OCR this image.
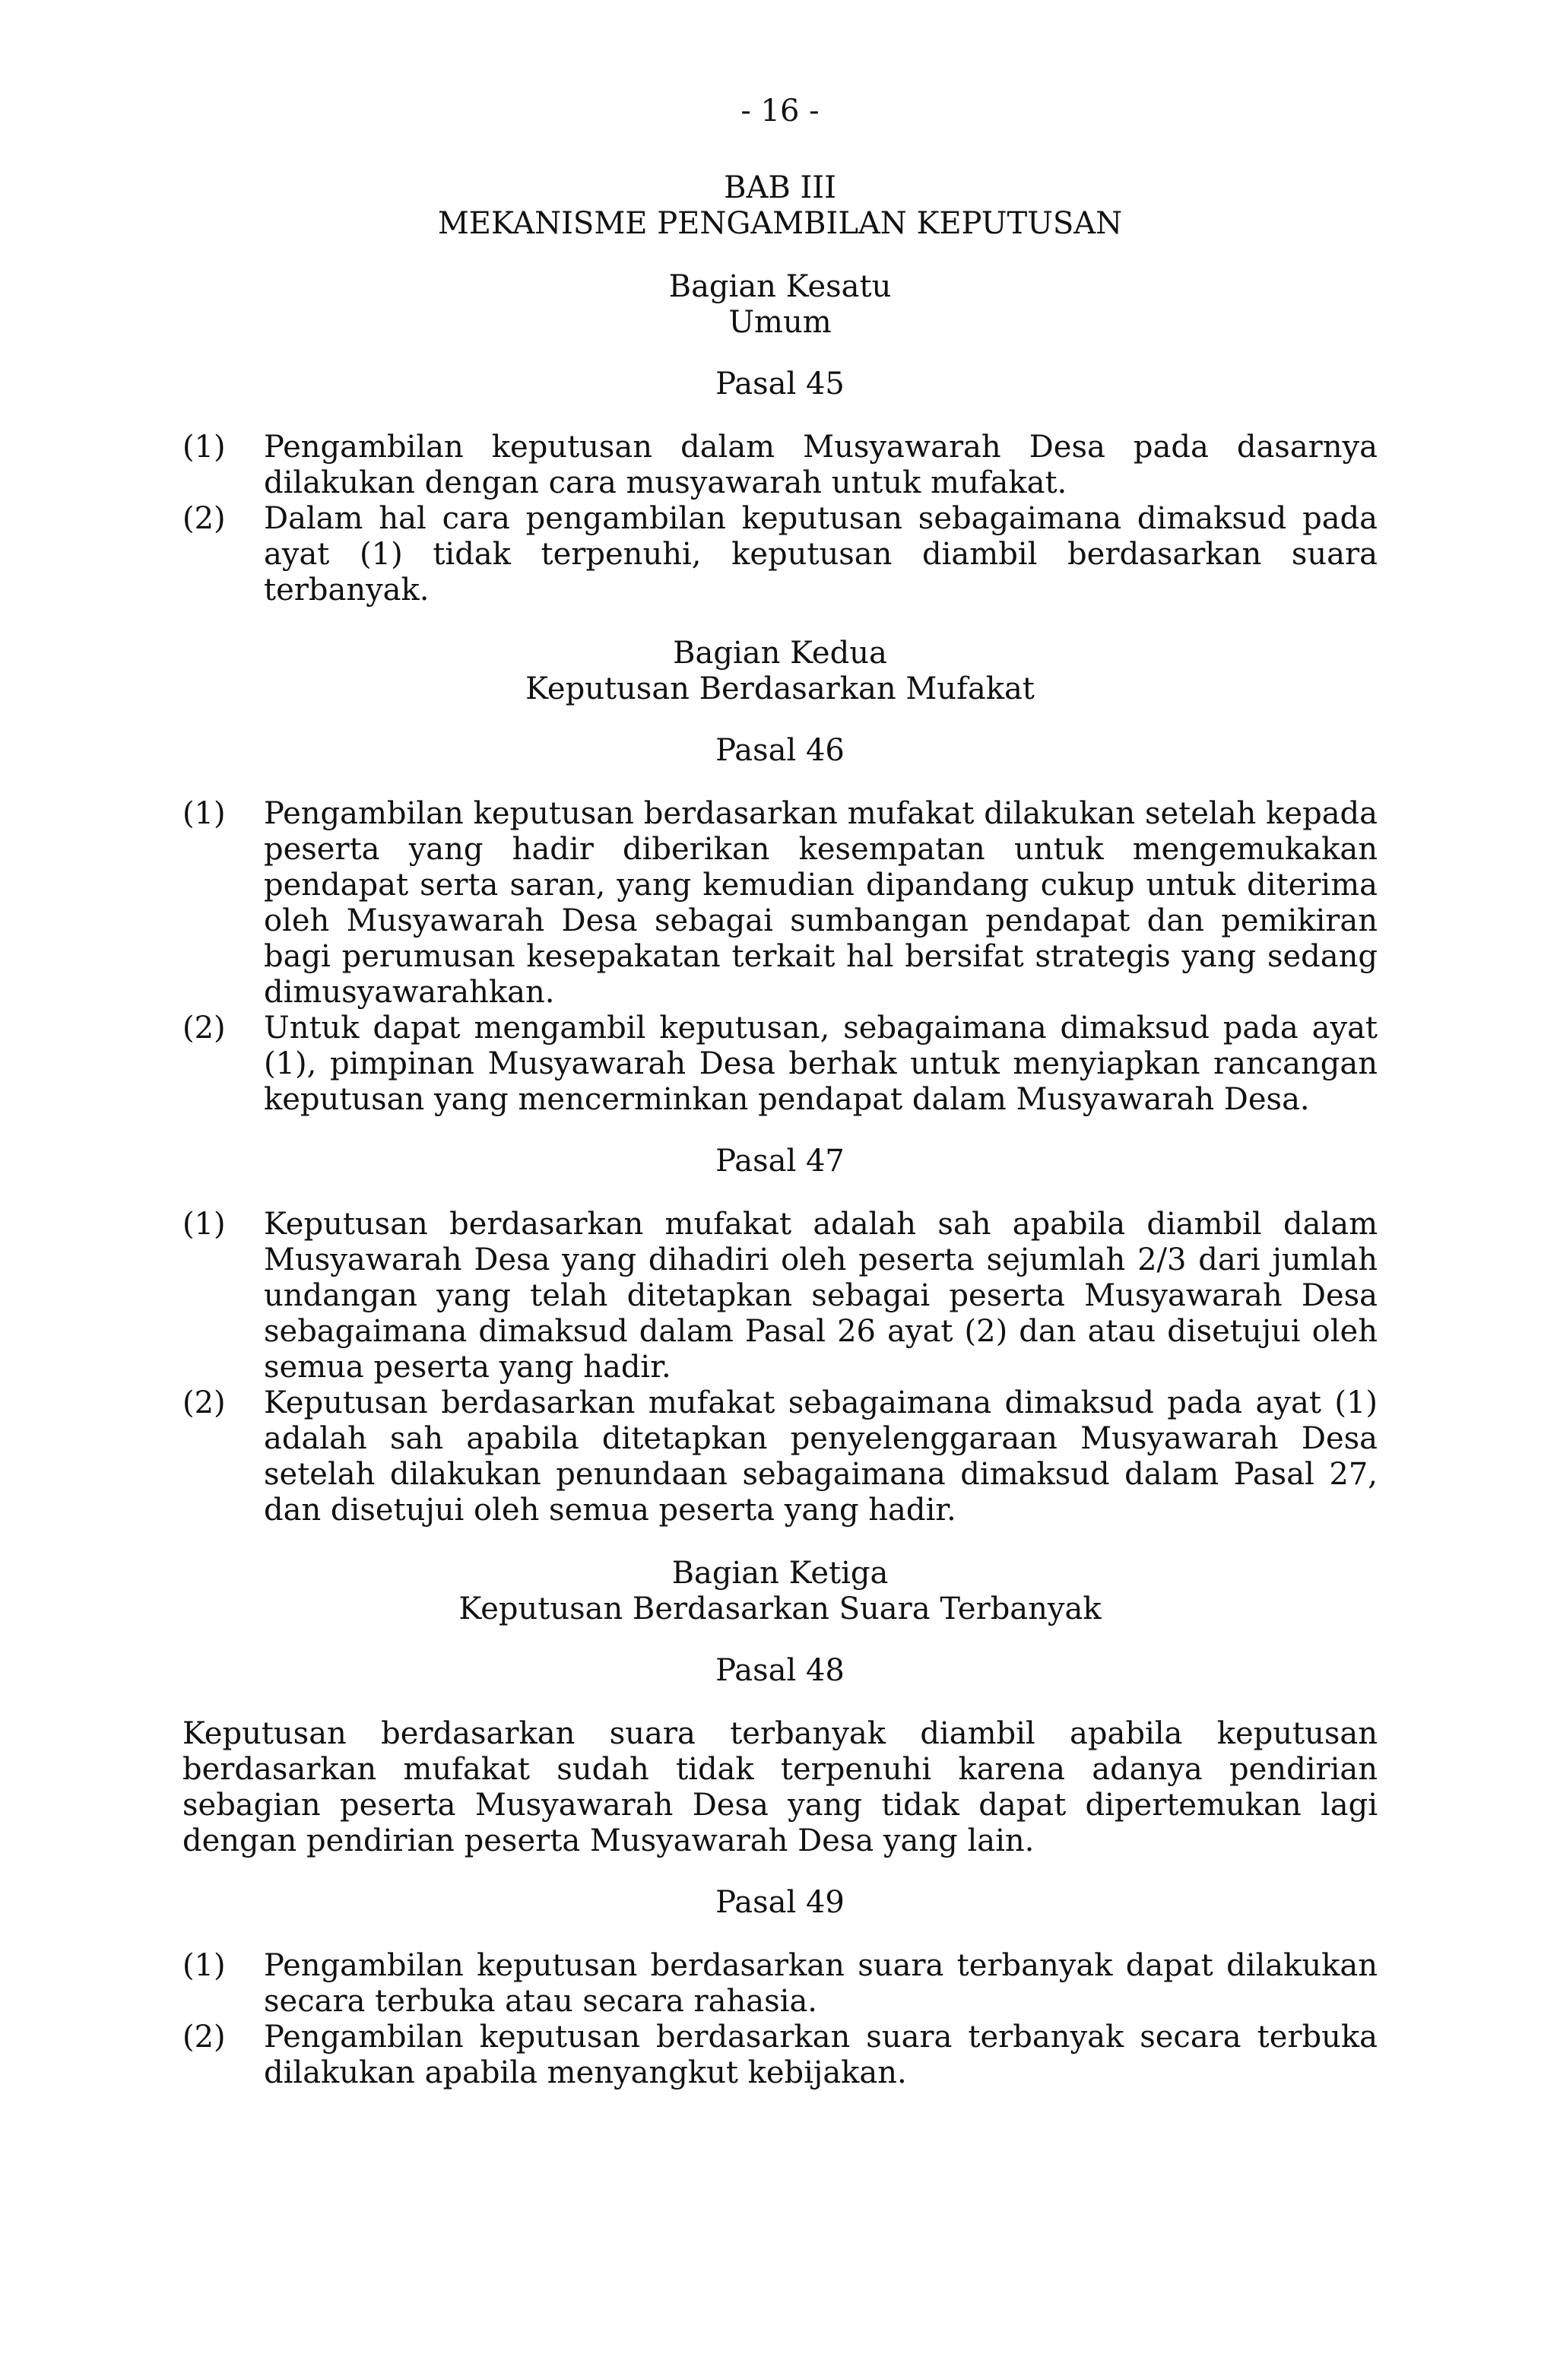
- 16 -
BAB III
MEKANISME PENGAMBILAN KEPUTUSAN
Bagian Kesatu
Umum
Pasal 45
(1)	Pengambilan keputusan dalam Musyawarah Desa pada dasarnya dilakukan dengan cara musyawarah untuk mufakat.
(2)	Dalam hal cara pengambilan keputusan sebagaimana dimaksud pada ayat (1) tidak terpenuhi, keputusan diambil berdasarkan suara terbanyak.
Bagian Kedua
Keputusan Berdasarkan Mufakat
Pasal 46
(1)	Pengambilan keputusan berdasarkan mufakat dilakukan setelah kepada peserta yang hadir diberikan kesempatan untuk mengemukakan pendapat serta saran, yang kemudian dipandang cukup untuk diterima oleh Musyawarah Desa sebagai sumbangan pendapat dan pemikiran bagi perumusan kesepakatan terkait hal bersifat strategis yang sedang dimusyawarahkan.
(2)	Untuk dapat mengambil keputusan, sebagaimana dimaksud pada ayat (1), pimpinan Musyawarah Desa berhak untuk menyiapkan rancangan keputusan yang mencerminkan pendapat dalam Musyawarah Desa.
Pasal 47
(1)	Keputusan berdasarkan mufakat adalah sah apabila diambil dalam Musyawarah Desa yang dihadiri oleh peserta sejumlah 2/3 dari jumlah undangan yang telah ditetapkan sebagai peserta Musyawarah Desa sebagaimana dimaksud dalam Pasal 26 ayat (2) dan atau disetujui oleh semua peserta yang hadir.
(2)	Keputusan berdasarkan mufakat sebagaimana dimaksud pada ayat (1) adalah sah apabila ditetapkan penyelenggaraan Musyawarah Desa setelah dilakukan penundaan sebagaimana dimaksud dalam Pasal 27, dan disetujui oleh semua peserta yang hadir.
Bagian Ketiga
Keputusan Berdasarkan Suara Terbanyak
Pasal 48

Keputusan berdasarkan suara terbanyak diambil apabila keputusan berdasarkan mufakat sudah tidak terpenuhi karena adanya pendirian sebagian peserta Musyawarah Desa yang tidak dapat dipertemukan lagi dengan pendirian peserta Musyawarah Desa yang lain.

Pasal 49
(1)	Pengambilan keputusan berdasarkan suara terbanyak dapat dilakukan secara terbuka atau secara rahasia.
(2)	Pengambilan keputusan berdasarkan suara terbanyak secara terbuka dilakukan apabila menyangkut kebijakan.
